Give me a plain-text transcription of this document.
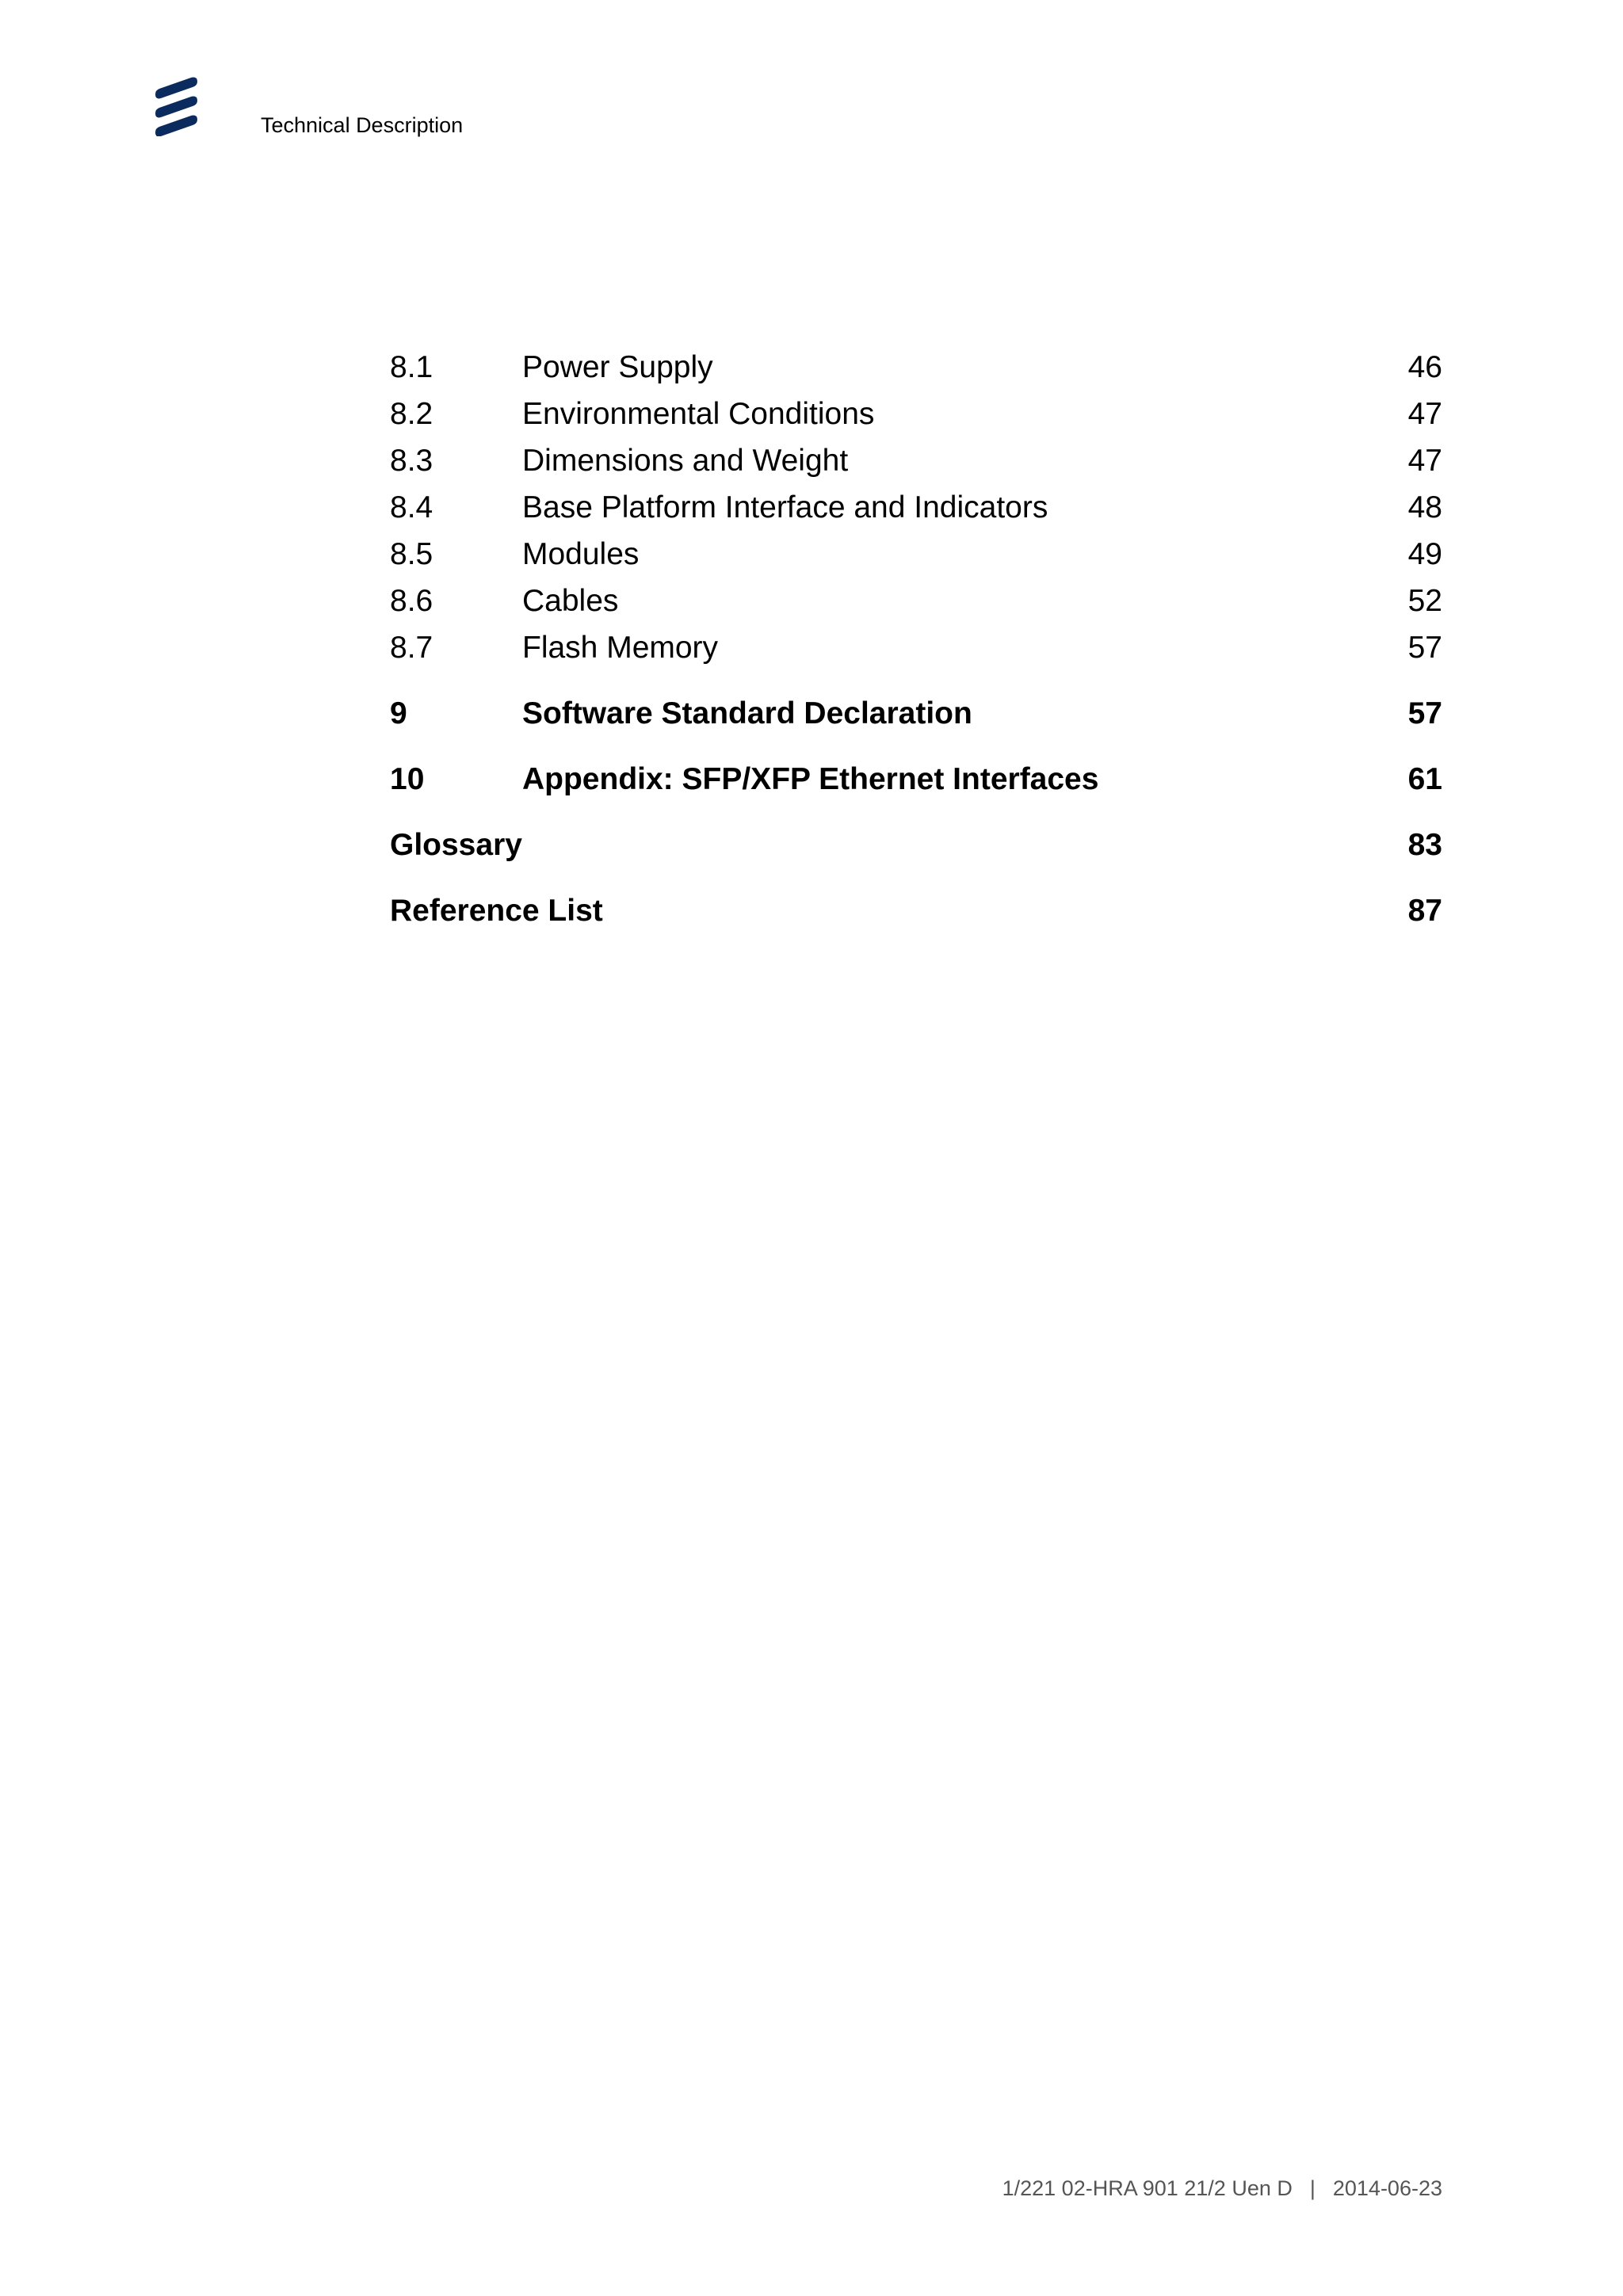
Technical Description
8.1	Power Supply	46
8.2	Environmental Conditions	47
8.3	Dimensions and Weight	47
8.4	Base Platform Interface and Indicators	48
8.5	Modules	49
8.6	Cables	52
8.7	Flash Memory	57
9	Software Standard Declaration	57
10	Appendix: SFP/XFP Ethernet Interfaces	61
Glossary	83
Reference List	87
1/221 02-HRA 901 21/2 Uen D | 2014-06-23
